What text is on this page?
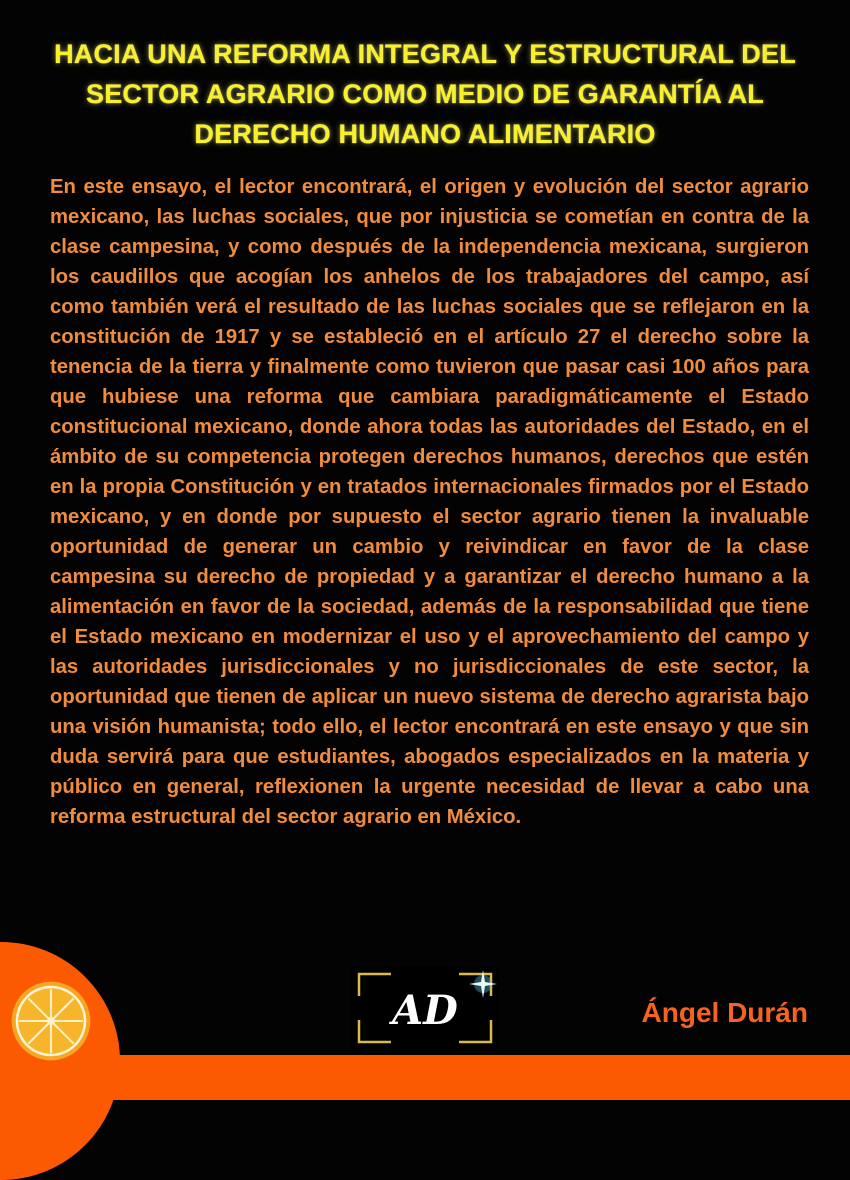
HACIA UNA REFORMA INTEGRAL Y ESTRUCTURAL DEL SECTOR AGRARIO COMO MEDIO DE GARANTÍA AL DERECHO HUMANO ALIMENTARIO

En este ensayo, el lector encontrará, el origen y evolución del sector agrario mexicano, las luchas sociales, que por injusticia se cometían en contra de la clase campesina, y como después de la independencia mexicana, surgieron los caudillos que acogían los anhelos de los trabajadores del campo, así como también verá el resultado de las luchas sociales que se reflejaron en la constitución de 1917 y se estableció en el artículo 27 el derecho sobre la tenencia de la tierra y finalmente como tuvieron que pasar casi 100 años para que hubiese una reforma que cambiara paradigmáticamente el Estado constitucional mexicano, donde ahora todas las autoridades del Estado, en el ámbito de su competencia protegen derechos humanos, derechos que estén en la propia Constitución y en tratados internacionales firmados por el Estado mexicano, y en donde por supuesto el sector agrario tienen la invaluable oportunidad de generar un cambio y reivindicar en favor de la clase campesina su derecho de propiedad y a garantizar el derecho humano a la alimentación en favor de la sociedad, además de la responsabilidad que tiene el Estado mexicano en modernizar el uso y el aprovechamiento del campo y las autoridades jurisdiccionales y no jurisdiccionales de este sector, la oportunidad que tienen de aplicar un nuevo sistema de derecho agrarista bajo una visión humanista; todo ello, el lector encontrará en este ensayo y que sin duda servirá para que estudiantes, abogados especializados en la materia y público en general, reflexionen la urgente necesidad de llevar a cabo una reforma estructural del sector agrario en México.

AD	Ángel Durán
